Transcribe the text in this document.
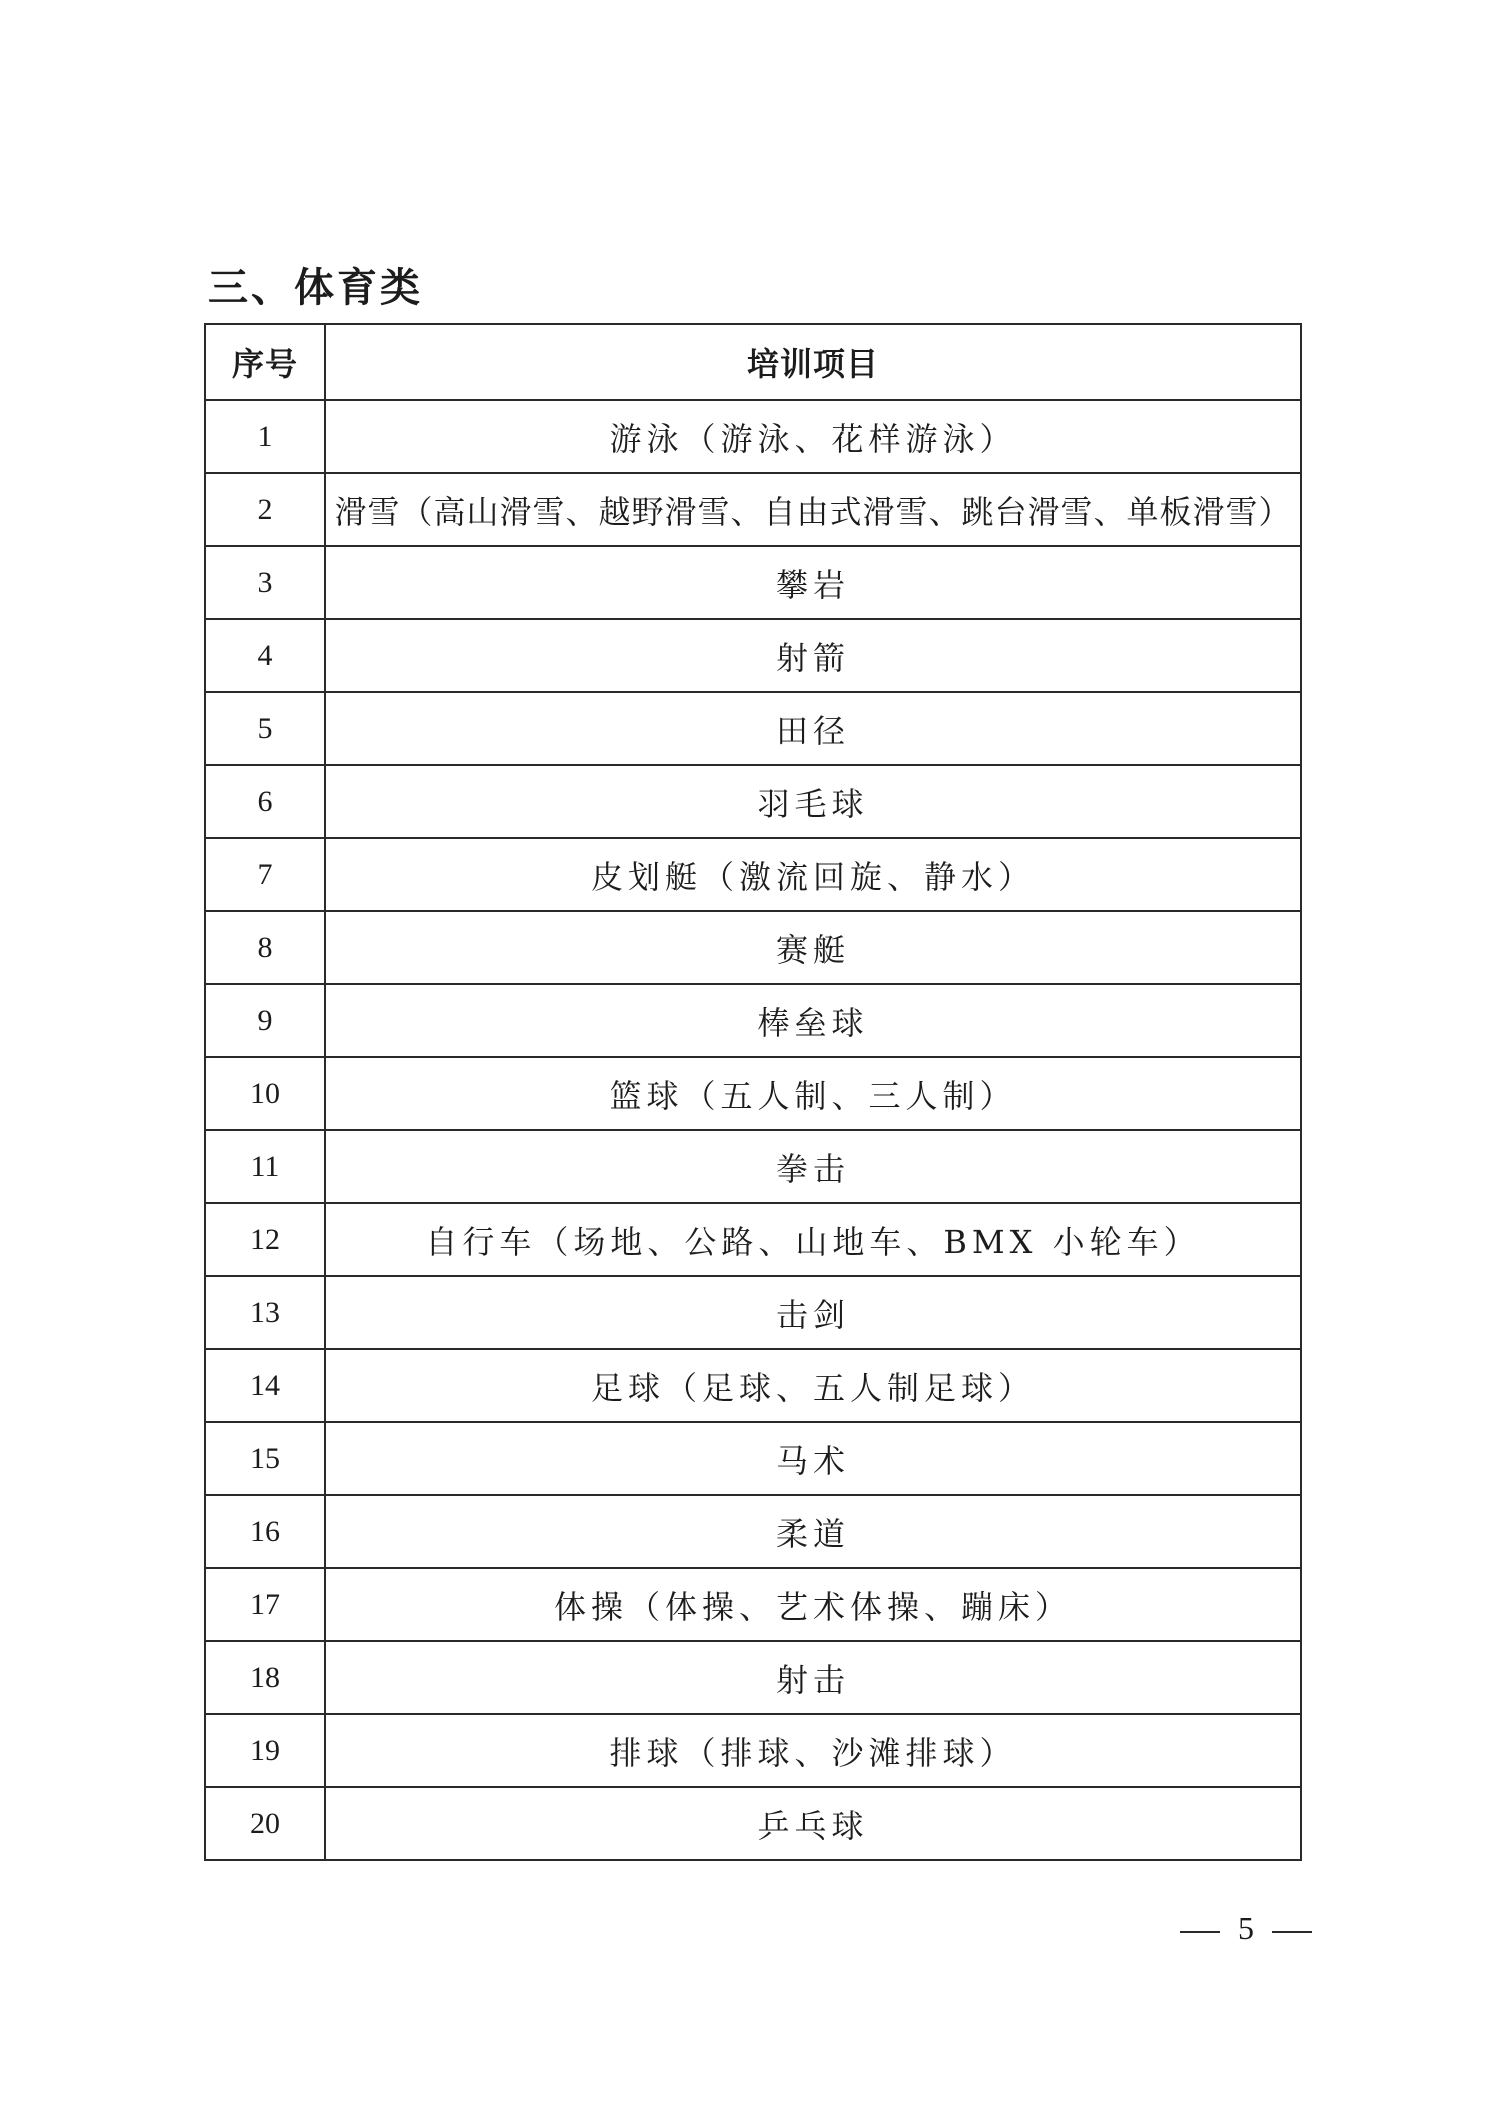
三、体育类
序号	培训项目
1	游泳（游泳、花样游泳）
2	滑雪（高山滑雪、越野滑雪、自由式滑雪、跳台滑雪、单板滑雪）
3	攀岩
4	射箭
5	田径
6	羽毛球
7	皮划艇（激流回旋、静水）
8	赛艇
9	棒垒球
10	篮球（五人制、三人制）
11	拳击
12	自行车（场地、公路、山地车、BMX 小轮车）
13	击剑
14	足球（足球、五人制足球）
15	马术
16	柔道
17	体操（体操、艺术体操、蹦床）
18	射击
19	排球（排球、沙滩排球）
20	乒乓球
5
